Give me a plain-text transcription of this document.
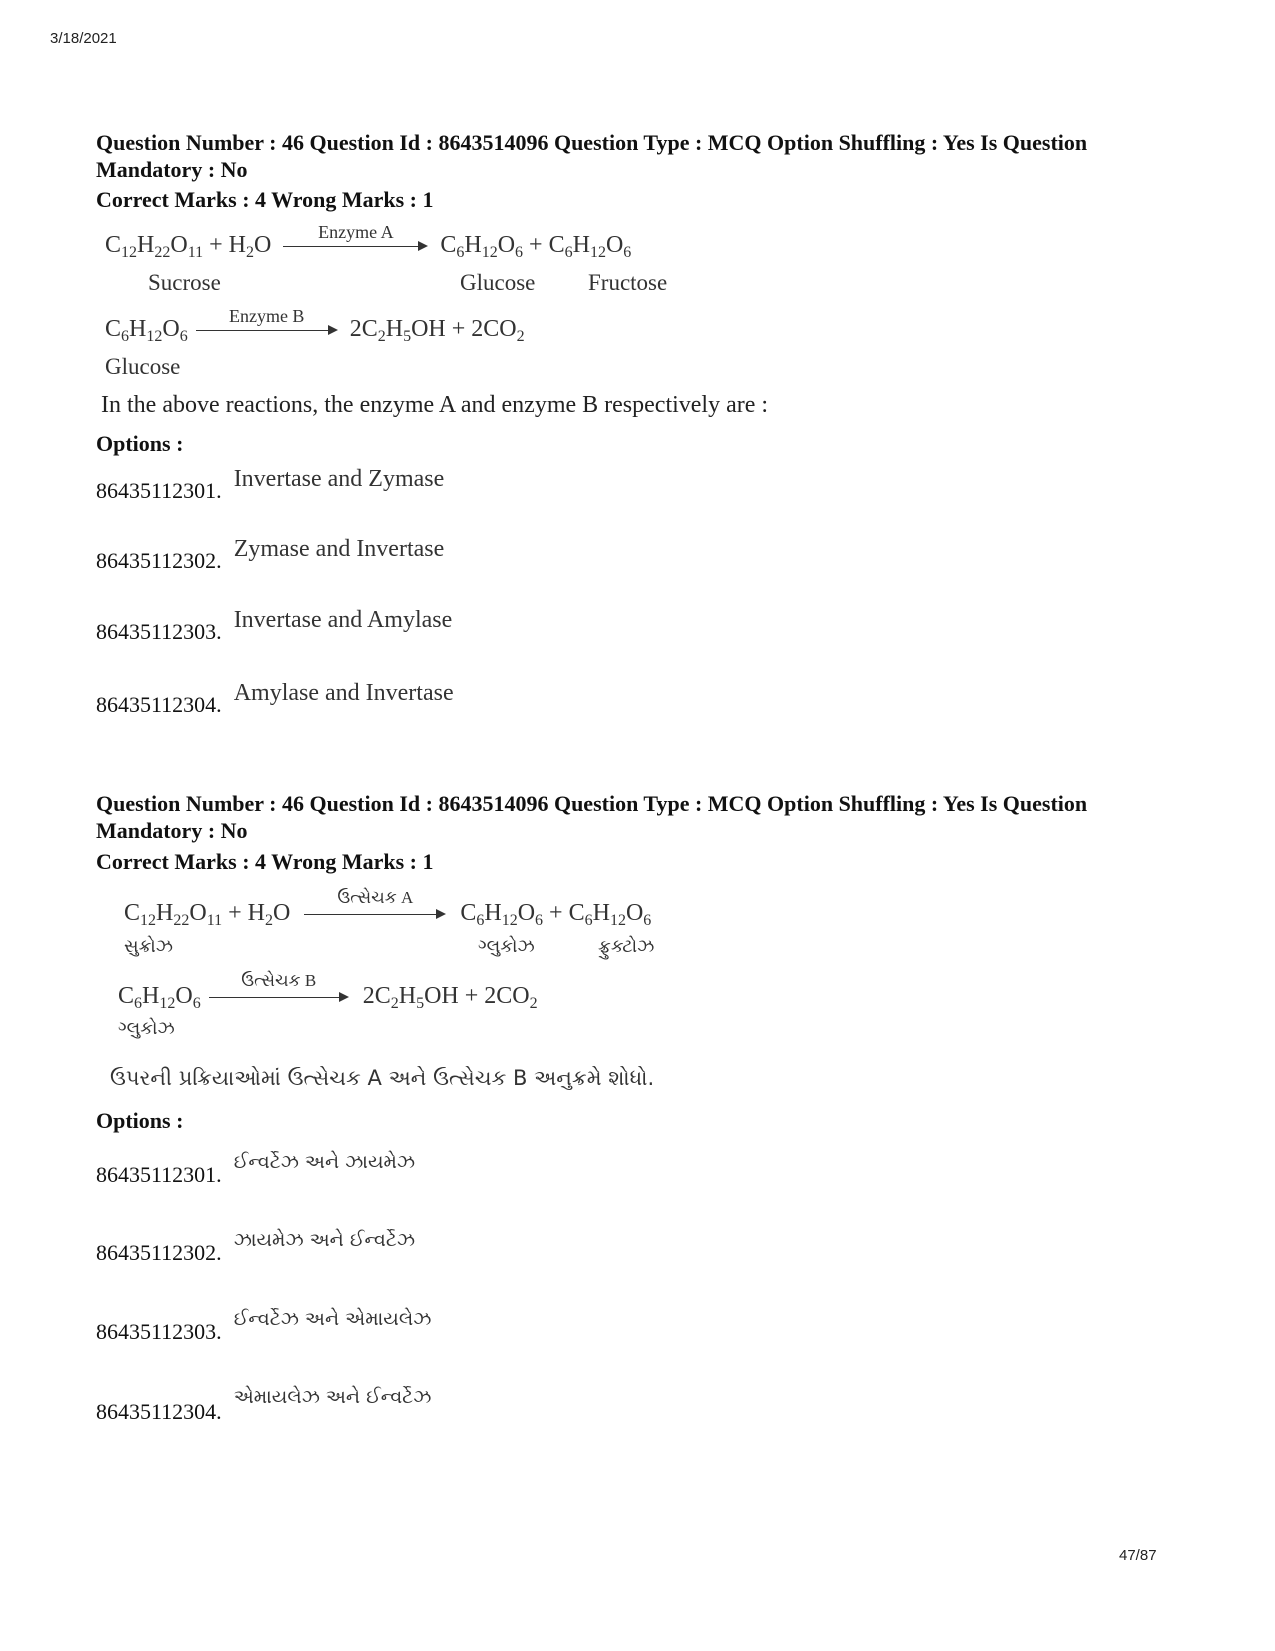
3/18/2021
47/87
Question Number : 46 Question Id : 8643514096 Question Type : MCQ Option Shuffling : Yes Is Question
Mandatory : No
Correct Marks : 4 Wrong Marks : 1
$C_{12}H_{22}O_{11} + H_2O$
Enzyme A
$C_6H_{12}O_6 + C_6H_{12}O_6$
Sucrose	Glucose Fructose
$C_6H_{12}O_6$
Enzyme B
$2C_2H_5OH + 2CO_2$
Glucose
In the above reactions, the enzyme A and enzyme B respectively are :
Options :
86435112301. Invertase and Zymase
86435112302. Zymase and Invertase
86435112303. Invertase and Amylase
86435112304. Amylase and Invertase
Question Number : 46 Question Id : 8643514096 Question Type : MCQ Option Shuffling : Yes Is Question
Mandatory : No
Correct Marks : 4 Wrong Marks : 1
$C_{12}H_{22}O_{11} + H_2O$
ઉત્સેચક A
$C_6H_{12}O_6 + C_6H_{12}O_6$
સુક્રોઝ	ગ્લુકોઝ	ફ્રુક્ટોઝ
$C_6H_{12}O_6$
ઉત્સેચક B
$2C_2H_5OH + 2CO_2$
ગ્લુકોઝ
ઉપરની પ્રક્રિયાઓમાં ઉત્સેચક A અને ઉત્સેચક B અનુક્રમે શોધો.
Options :
86435112301. ઈન્વર્ટેઝ અને ઝાયમેઝ
86435112302. ઝાયમેઝ અને ઈન્વર્ટેઝ
86435112303. ઈન્વર્ટેઝ અને એમાયલેઝ
86435112304. એમાયલેઝ અને ઈન્વર્ટેઝ
